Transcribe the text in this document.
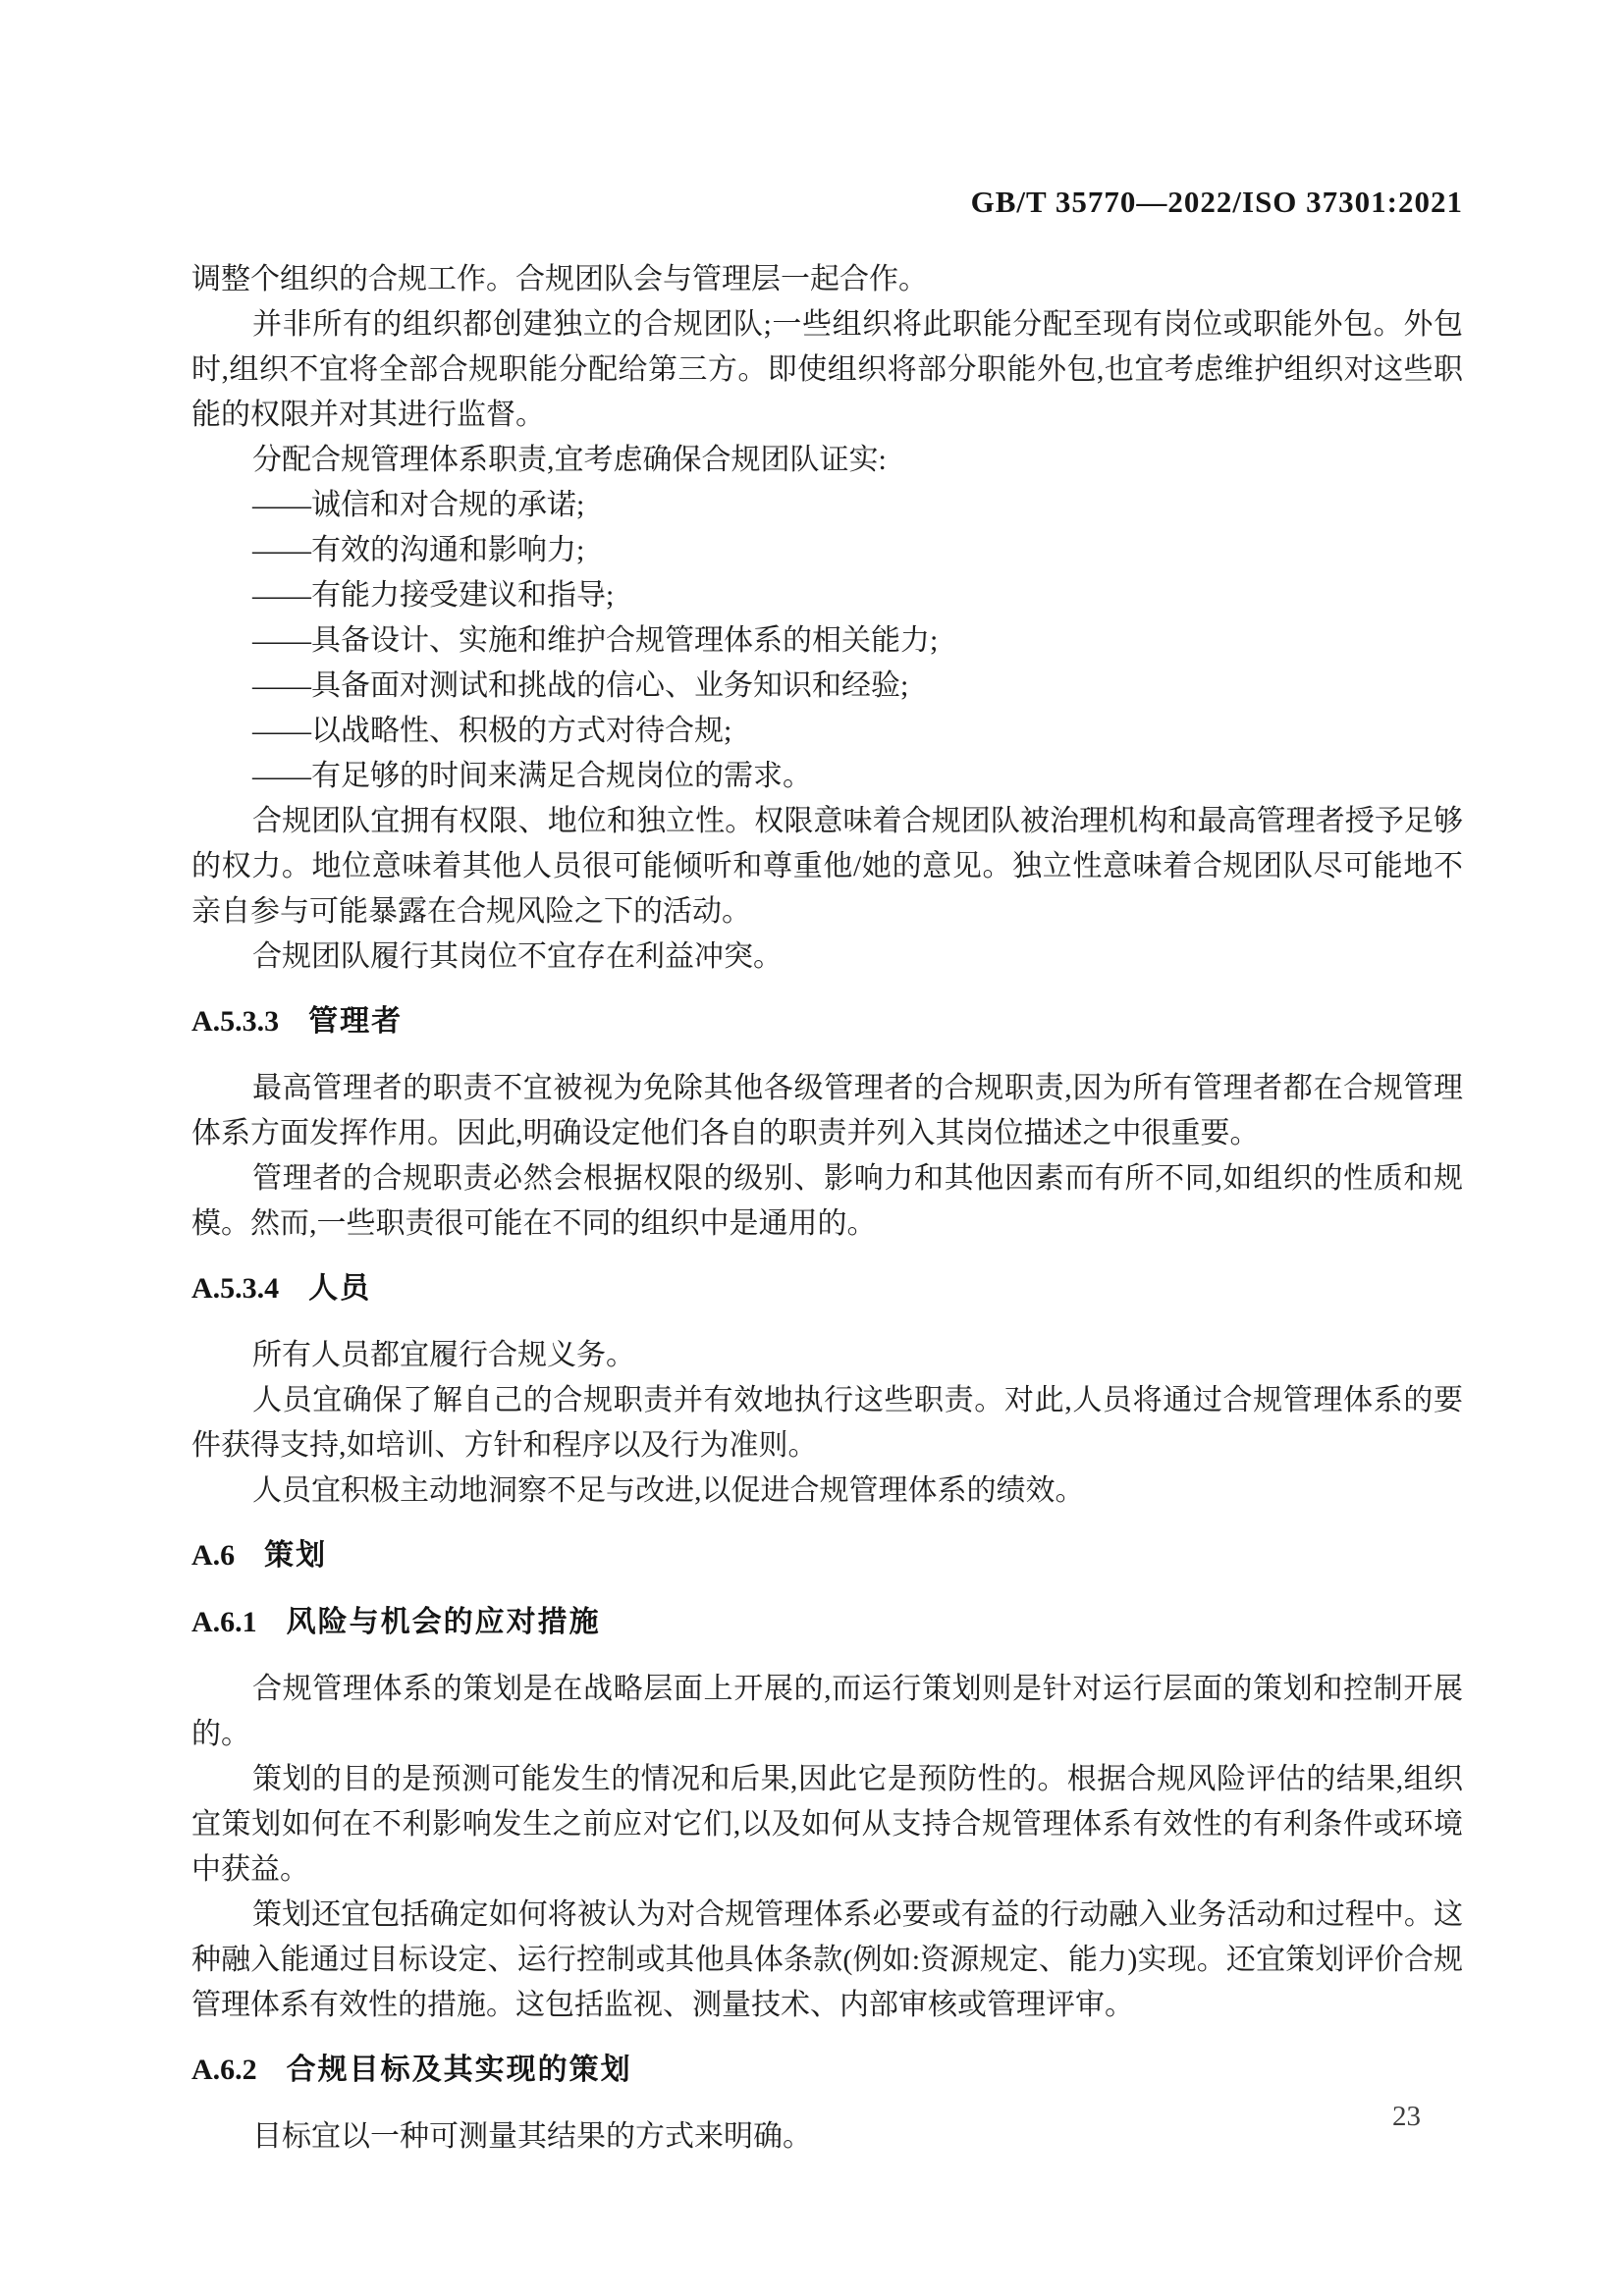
GB/T 35770—2022/ISO 37301:2021

调整个组织的合规工作。合规团队会与管理层一起合作。

并非所有的组织都创建独立的合规团队;一些组织将此职能分配至现有岗位或职能外包。外包时,组织不宜将全部合规职能分配给第三方。即使组织将部分职能外包,也宜考虑维护组织对这些职能的权限并对其进行监督。

分配合规管理体系职责,宜考虑确保合规团队证实:

——诚信和对合规的承诺;

——有效的沟通和影响力;

——有能力接受建议和指导;

——具备设计、实施和维护合规管理体系的相关能力;

——具备面对测试和挑战的信心、业务知识和经验;

——以战略性、积极的方式对待合规;

——有足够的时间来满足合规岗位的需求。

合规团队宜拥有权限、地位和独立性。权限意味着合规团队被治理机构和最高管理者授予足够的权力。地位意味着其他人员很可能倾听和尊重他/她的意见。独立性意味着合规团队尽可能地不亲自参与可能暴露在合规风险之下的活动。

合规团队履行其岗位不宜存在利益冲突。

A.5.3.3 管理者

最高管理者的职责不宜被视为免除其他各级管理者的合规职责,因为所有管理者都在合规管理体系方面发挥作用。因此,明确设定他们各自的职责并列入其岗位描述之中很重要。

管理者的合规职责必然会根据权限的级别、影响力和其他因素而有所不同,如组织的性质和规模。然而,一些职责很可能在不同的组织中是通用的。

A.5.3.4 人员

所有人员都宜履行合规义务。

人员宜确保了解自己的合规职责并有效地执行这些职责。对此,人员将通过合规管理体系的要件获得支持,如培训、方针和程序以及行为准则。

人员宜积极主动地洞察不足与改进,以促进合规管理体系的绩效。

A.6 策划
A.6.1 风险与机会的应对措施

合规管理体系的策划是在战略层面上开展的,而运行策划则是针对运行层面的策划和控制开展的。

策划的目的是预测可能发生的情况和后果,因此它是预防性的。根据合规风险评估的结果,组织宜策划如何在不利影响发生之前应对它们,以及如何从支持合规管理体系有效性的有利条件或环境中获益。

策划还宜包括确定如何将被认为对合规管理体系必要或有益的行动融入业务活动和过程中。这种融入能通过目标设定、运行控制或其他具体条款(例如:资源规定、能力)实现。还宜策划评价合规管理体系有效性的措施。这包括监视、测量技术、内部审核或管理评审。

A.6.2 合规目标及其实现的策划

目标宜以一种可测量其结果的方式来明确。

23
